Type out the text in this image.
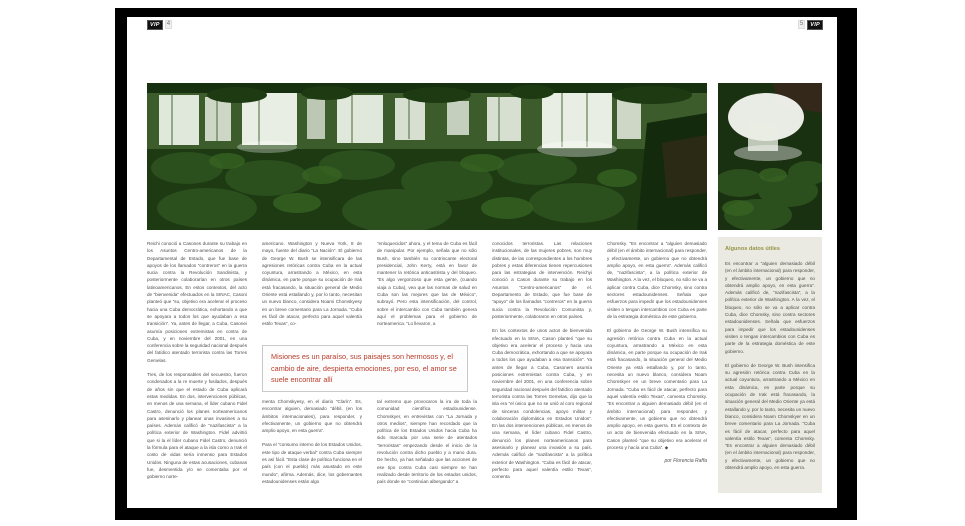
VIP	4	5	VIP

Reichi conoció a Casones durante su trabajo en los Asuntos Centro-americanos de la Departamental de Estado, que fue base de apoyos de los llamados “contreros” en la guerra sucia contra la Revolución Sandinista, y posteriormente colaborarían en otros países latinoamericanos. En estos contextos, del acto de “bienvenida” efectuados en la SINAC, Casoni planteó que “su, objetivo era acelerar el proceso hacia una Cuba democrática, exhortando a que se apoyara a todos los que ayudaban a esa transición”. Ya, antes de llegar, a Cuba, Casonei asumía posiciones extremistas en contra de Cuba, y en noviembre del 2001, en una conferencia sobre la seguridad nacional después del fatídico atentado terrorista contra las Torres Gemelas.

Tres, de los responsables del secuestro, fueron condenados a la re muerte y fusilados, después de años sin que el estado de Cuba aplicará estas medidas. En dos, intervenciones públicas, en menos de una semana, el líder cubano Fidel Castro, denunció los planes norteamericanos para asesinarlo y planear unas invasines a su países. Además calificó de “nazifascista” a la política exterior de Washington. Fidel advirtió que si la el líder cubano Fidel Castro, denunció la fórmula para el ataque a la isla como a Irak el costo de vidas sería inmenso para Estados Unidos. Ninguna de estas acusaciones, cubanas fue, desmentida y/o se comentaba por el gobierno norte-

americano. Washington y Nueva York, 8 de mayo, fuente del diario “La Nación”. El gobierno de George W. Bush se intensificara de las agresiones retóricas contra Cuba en la actual coyuntura, arrastrando a México, en esta dinámica, en parte porque su ocupación de Irak está fracasando, la situación general de Medio Oriente está estallando y, por lo tanto, necesitan un nuevo blanco, considera Noami Chomskyesy en un breve comentario para La Jornada. “Cuba es fácil de atacar, perfecto para aquel valentía estilo Texas”, co-

Misiones es un paraíso, sus paisajes son hermosos y, el cambio de aire, despierta emociones, por eso, el amor se suele encontrar allí

menta Chomskyesy, en el diario “Clarín”. Es, encontrar alguien, demasiado “débil, (en los ámbitos internacionales), para responder, y efectivamente, un gobierno que no obtendrá amplio apoyo, en esta guerra”.

Para el “consumo interno de los Estados Unidos, este tipo de ataque verbal” contra Cuba siempre es así fácil. “Esta clase de política funciona en el país (con el pueblo) más asustado en este mundo”, afirma. Además, dice, los gobernantes estadounidenses están algo

“enloquecidos” ahora, y el tema de Cuba es fácil de manipular. Por ejemplo, señala que no sólo Bush, sino también su contrincante electoral presidencial, John Kerry, está en favor de mantener la retórica anticastrista y del bloqueo. “Es algo vergonzoso que esta gente, (cuando viaja a Cuba), vea que las normas de salud en Cuba son las mejores que las de México”, subrayó. Pero esta intensificación, del control, sobre el intercambio con Cuba también genera aquí el problemas para el gobierno de norteamerica. “Lo llevaron, a

tal extremo que provocaron la ira de toda la comunidad científica estadounidense. Chomskyer, en entrevistas con “La Jornada y otros medios”, siempre han recordado que la política de los Estados Unidos hacia Cuba ha sido marcada por una serie de atentados “terroristas” empezando desde el inicio de la revolución contra dicho pueblo y a mano dura. De hecho, ya has señalado que las acciones de ese tipo contra Cuba casi siempre se han realizado desde territorio de los estados unidos, país donde se “continúan albergando” a

conocidos terroristas. Las relaciones institucionales, de las mujeres pobres, son muy distintas, de las correspondientes a los hombres pobres y estas diferencias tienen repercusiones para las estrategias de intervención. Reichyi conoció a Cason durante su trabajo en los Asuntos “Centro-americanos” de el. Departamento de Estado, que fue base de “apoyo” de los llamados “contreros” en la guerra sucia contra la Revolución Comunista y, posteriormente, colaboraron en otros países.

En los contextos de unos actos de bienvenida efectuado en la SINA, Cason planteó “que su objetivo era acelerar el proceso y hacia una Cuba democrática, exhortando a que se apoyara a todos los que ayudaban a esa transición”. Ya antes de llegar a Cuba, Casoners asumía posiciones extremistas contra Cuba, y en noviembre del 2001, en una conferencia sobre seguridad nacional después del fatídico atentado terrorista contra las Torres Gemelas, dijo que la isla era “el único que no se unió al coro regional de sinceras condolencias, apoyo militar y colaboración diplomática en Estados Unidos”. En las dos intervenciones públicas, en menos de una semana, el líder cubano Fidel Castro, denunció los planes norteamericanos para asesinarlo y planear una invasión a su país. Además calificó de “nazifascista” a la política exterior de Washington. “Cuba es fácil de atacar, perfecto para aquel valentía estilo Texas”, comenta

Chomsky. “Es encontrar a “alguien demasiado débil (en el ámbito internacional) para responder, y efectivamente, un gobierno que no obtendrá amplio apoyo, en esta guerra”. Además calificó de, “nazifascista”, a la política exterior de Washington. A la vez, el bloqueo, no sólo se va a aplicar contra Cuba, dice Chomsky, sino contra sectores estadounidenses. Señala que esfuerzos para impedir que los estadounidenses visiten o tengan intercambios con Cuba es parte de la estrategia doméstica de este gobierno.

El gobierno de George W. Bush intensifica su agresión retórica contra Cuba en la actual coyuntura, arrastrando a México en esta dinámica, en parte porque su ocupación de Irak está fracasando, la situación general del Medio Oriente ya está estallando y, por lo tanto, necesita un nuevo blanco, considera Noam Chomskyer en un breve comentario para La Jornada. “Cuba es fácil de atacar, perfecto para aquel valentía estilo Texas”, comenta Chomsky. “Es encontrar a alguien demasiado débil (en el ámbito internacional) para responder, y efectivamente, un gobierno que no obtendrá amplio apoyo, en esta guerra. En el contexto de un acto de bienvenida efectuado en la SINA, Cason planteó “que su objetivo era acelerar el proceso y hacía una Cuba”. ◆

por Florencia Raffa

Algunos datos útiles

Es encontrar a “alguien demasiado débil (en el ámbito internacional) para responder, y efectivamente, un gobierno que no obtendrá amplio apoyo, en esta guerra”. Además calificó de, “nazifascista”, a la política exterior de Washington. A la vez, el bloqueo, no sólo se va a aplicar contra Cuba, dice Chomsky, sino contra sectores estadounidenses. Señala que esfuerzos para impedir que los estadounidenses visiten o tengan intercambios con Cuba es parte de la estrategia doméstica de este gobierno.

El gobierno de George W. Bush intensifica su agresión retórica contra Cuba en la actual coyuntura, arrastrando a México en esta dinámica, en parte porque su ocupación de Irak está fracasando, la situación general del Medio Oriente ya está estallando y, por lo tanto, necesita un nuevo blanco, considera Noam Chomskyer en un breve comentario para La Jornada. “Cuba es fácil de atacar, perfecto para aquel valentía estilo Texas”, comenta Chomsky. “Es encontrar a alguien demasiado débil (en el ámbito internacional) para responder, y efectivamente, un gobierno que no obtendrá amplio apoyo, en esta guerra.
